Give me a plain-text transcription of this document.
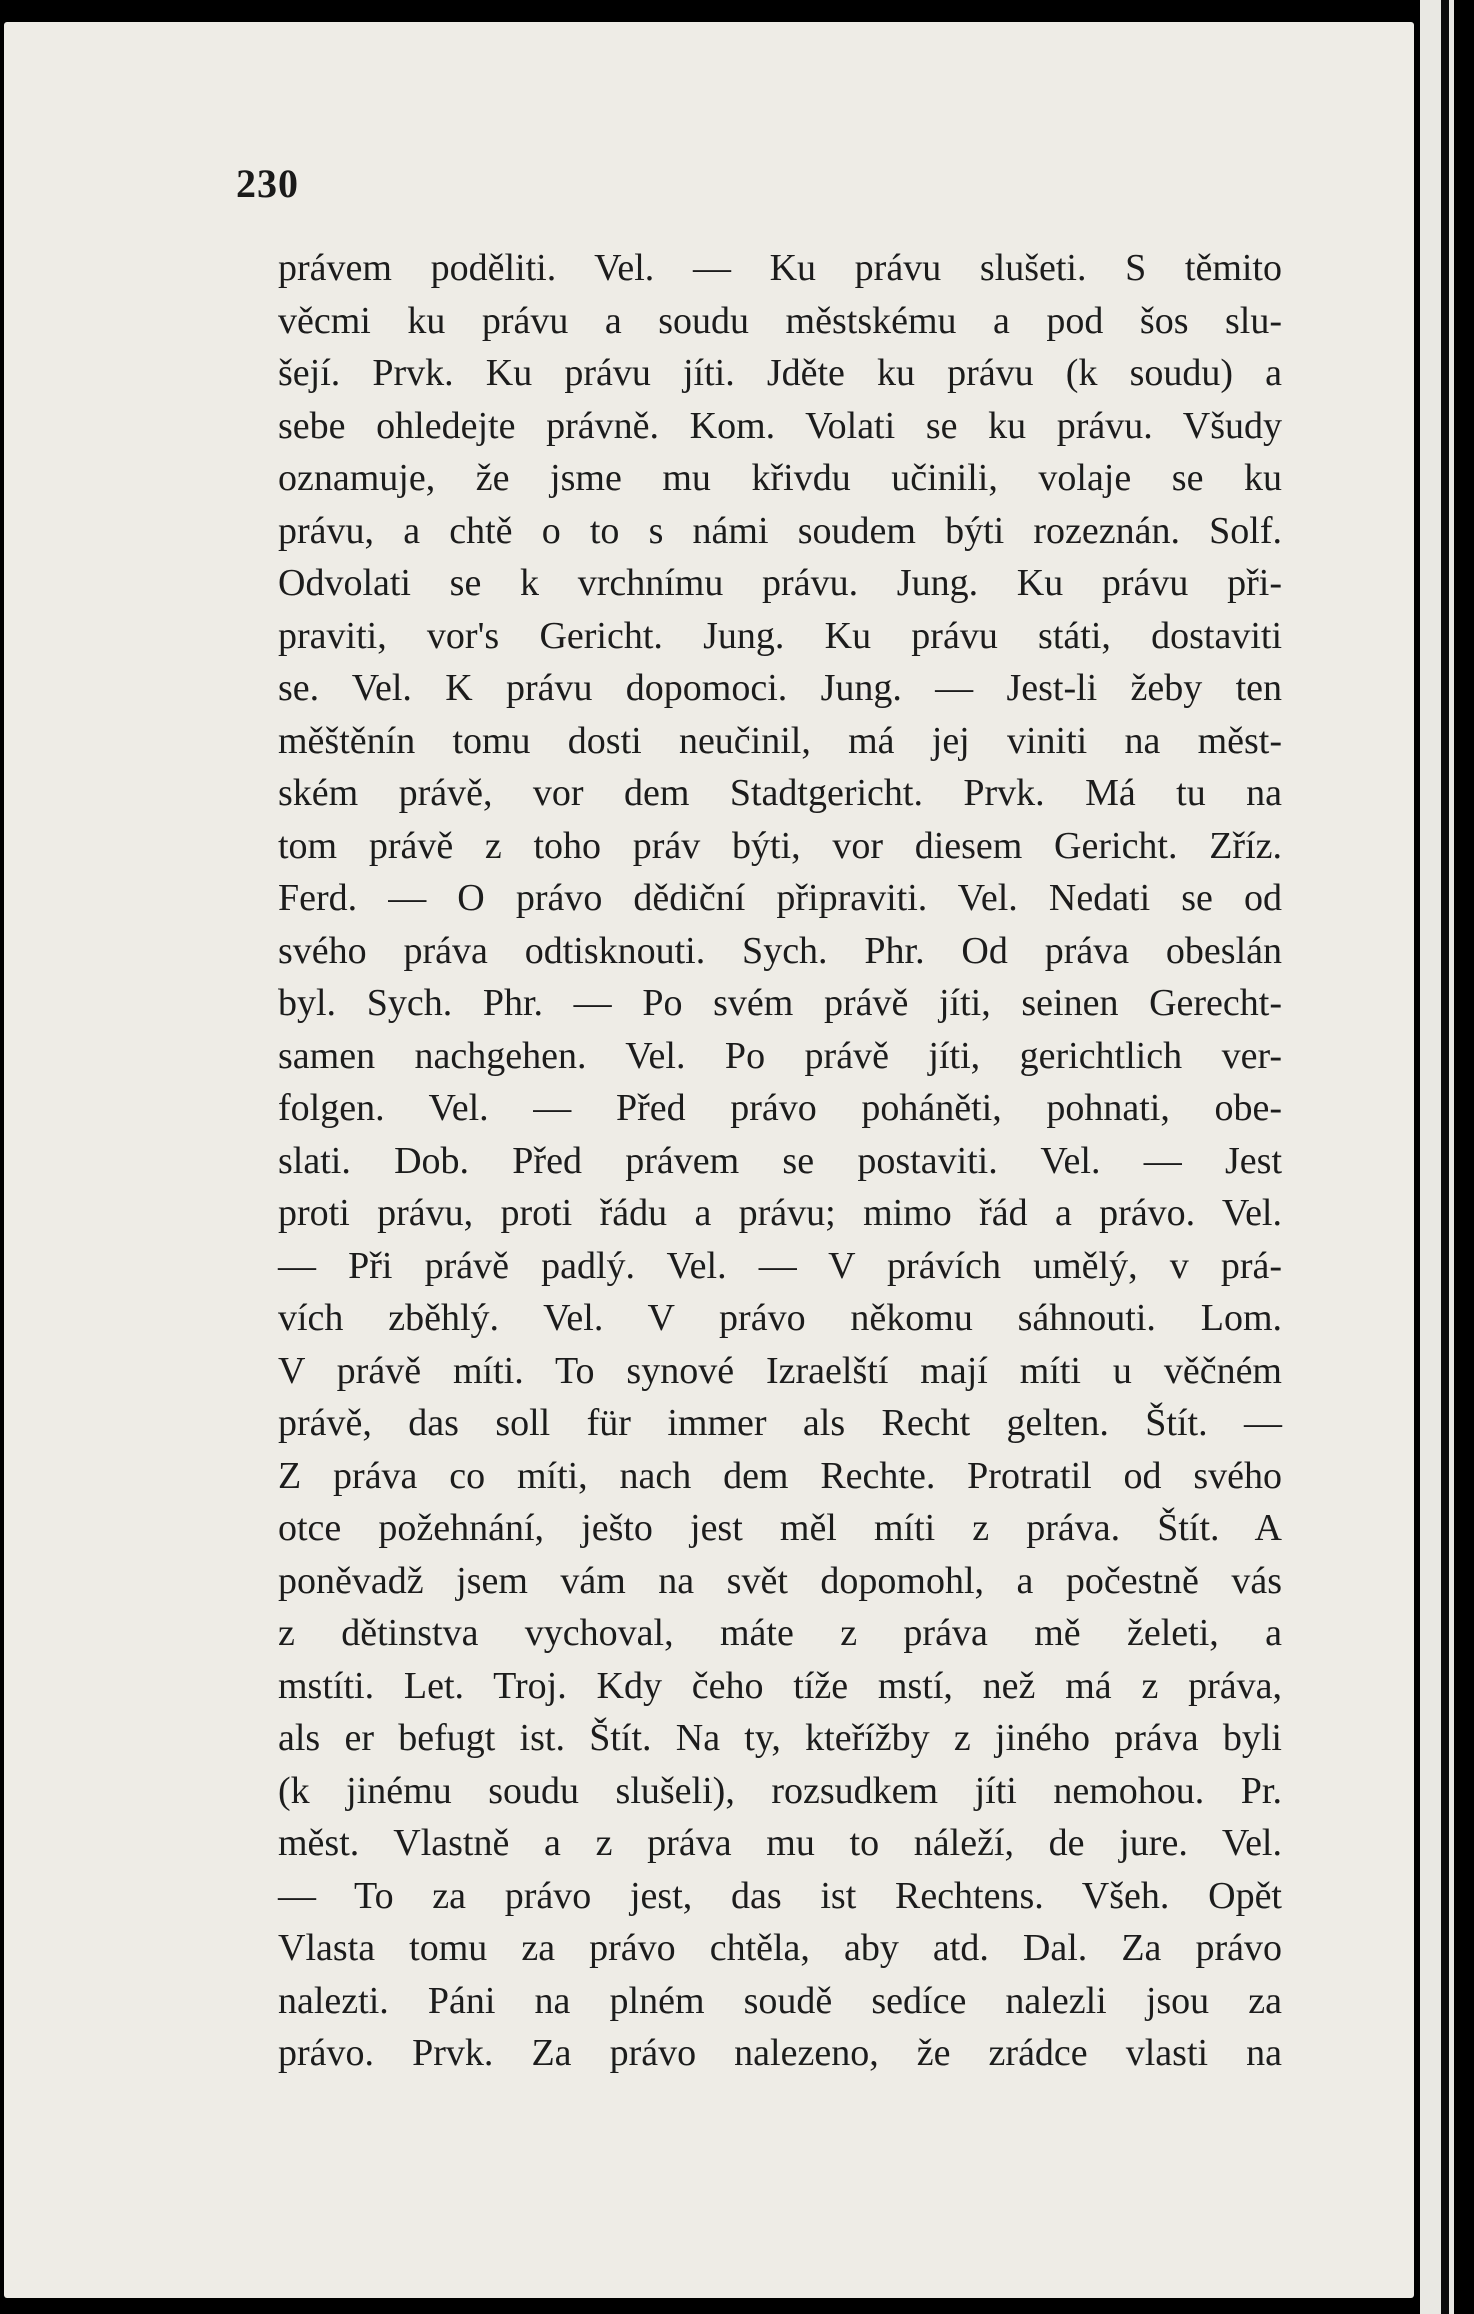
230
právem poděliti. Vel. — Ku právu slušeti. S těmito
věcmi ku právu a soudu městskému a pod šos slu-
šejí. Prvk. Ku právu jíti. Jděte ku právu (k soudu) a
sebe ohledejte právně. Kom. Volati se ku právu. Všudy
oznamuje, že jsme mu křivdu učinili, volaje se ku
právu, a chtě o to s námi soudem býti rozeznán. Solf.
Odvolati se k vrchnímu právu. Jung. Ku právu při-
praviti, vor's Gericht. Jung. Ku právu státi, dostaviti
se. Vel. K právu dopomoci. Jung. — Jest-li žeby ten
měštěnín tomu dosti neučinil, má jej viniti na měst-
ském právě, vor dem Stadtgericht. Prvk. Má tu na
tom právě z toho práv býti, vor diesem Gericht. Zříz.
Ferd. — O právo dědiční připraviti. Vel. Nedati se od
svého práva odtisknouti. Sych. Phr. Od práva obeslán
byl. Sych. Phr. — Po svém právě jíti, seinen Gerecht-
samen nachgehen. Vel. Po právě jíti, gerichtlich ver-
folgen. Vel. — Před právo poháněti, pohnati, obe-
slati. Dob. Před právem se postaviti. Vel. — Jest
proti právu, proti řádu a právu; mimo řád a právo. Vel.
— Při právě padlý. Vel. — V právích umělý, v prá-
vích zběhlý. Vel. V právo někomu sáhnouti. Lom.
V právě míti. To synové Izraelští mají míti u věčném
právě, das soll für immer als Recht gelten. Štít. —
Z práva co míti, nach dem Rechte. Protratil od svého
otce požehnání, ješto jest měl míti z práva. Štít. A
poněvadž jsem vám na svět dopomohl, a počestně vás
z dětinstva vychoval, máte z práva mě želeti, a
mstíti. Let. Troj. Kdy čeho tíže mstí, než má z práva,
als er befugt ist. Štít. Na ty, kteřížby z jiného práva byli
(k jinému soudu slušeli), rozsudkem jíti nemohou. Pr.
měst. Vlastně a z práva mu to náleží, de jure. Vel.
— To za právo jest, das ist Rechtens. Všeh. Opět
Vlasta tomu za právo chtěla, aby atd. Dal. Za právo
nalezti. Páni na plném soudě sedíce nalezli jsou za
právo. Prvk. Za právo nalezeno, že zrádce vlasti na
